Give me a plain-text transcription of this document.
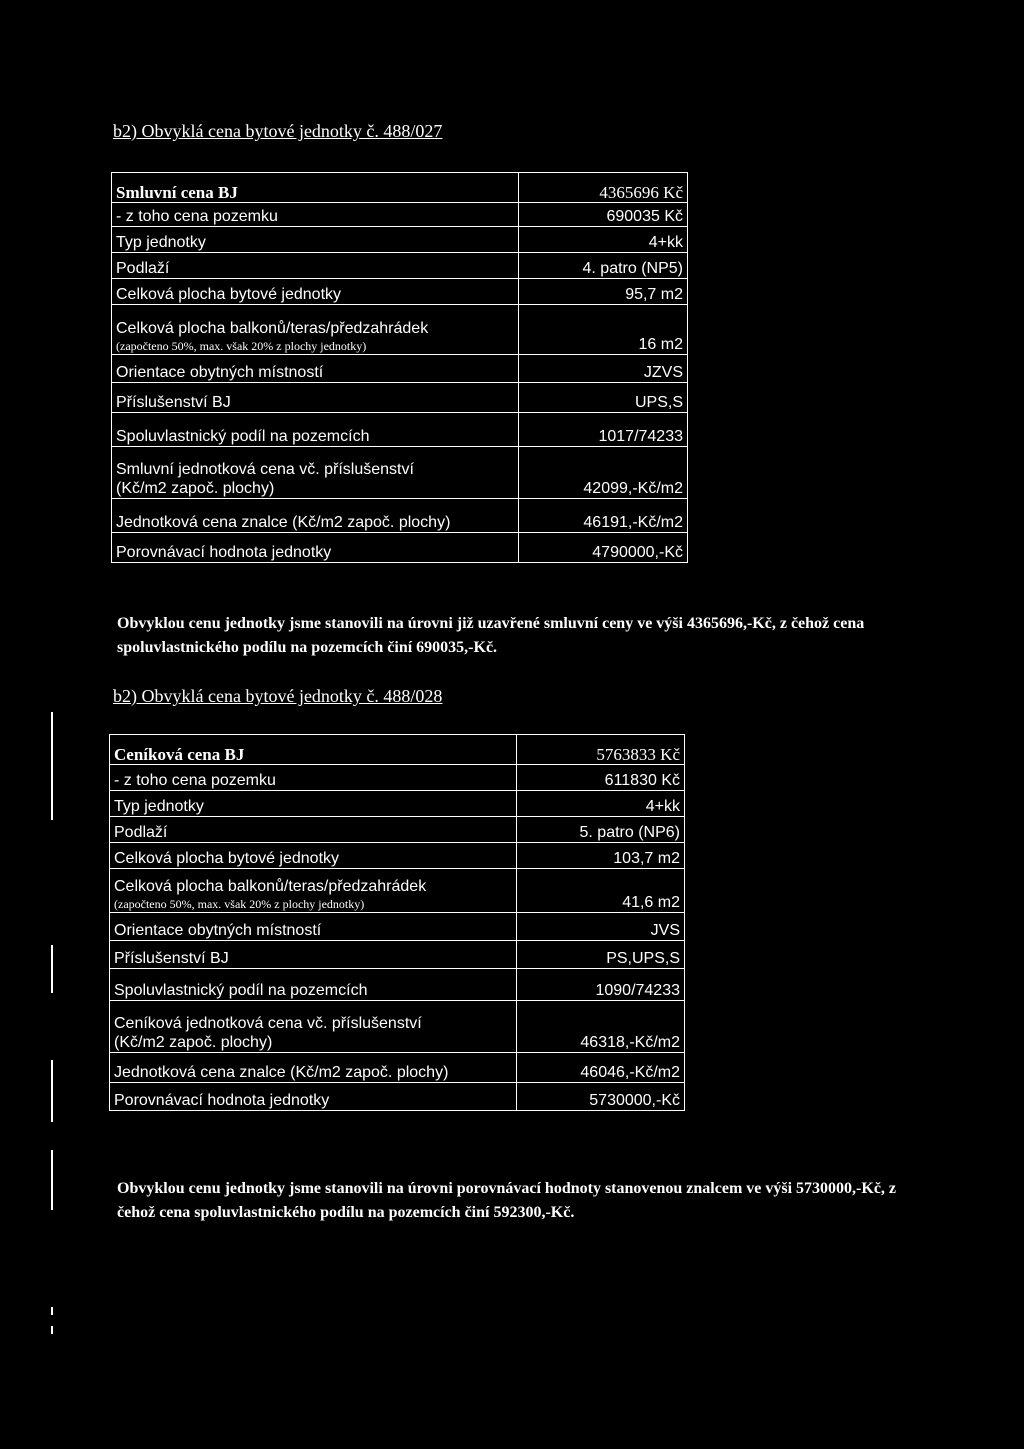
b2) Obvyklá cena bytové jednotky č. 488/027
Smluvní cena BJ	4365696 Kč
- z toho cena pozemku	690035 Kč
Typ jednotky	4+kk
Podlaží	4. patro (NP5)
Celková plocha bytové jednotky	95,7 m2
Celková plocha balkonů/teras/předzahrádek
(započteno 50%, max. však 20% z plochy jednotky)	16 m2
Orientace obytných místností	JZVS
Příslušenství BJ	UPS,S
Spoluvlastnický podíl na pozemcích	1017/74233

Smluvní jednotková cena vč. příslušenství
(Kč/m2 započ. plochy)	42099,-Kč/m2
Jednotková cena znalce (Kč/m2 započ. plochy)	46191,-Kč/m2
Porovnávací hodnota jednotky	4790000,-Kč
Obvyklou cenu jednotky jsme stanovili na úrovni již uzavřené smluvní ceny ve výši 4365696,-Kč, z čehož cena spoluvlastnického podílu na pozemcích činí 690035,-Kč.
b2) Obvyklá cena bytové jednotky č. 488/028
Ceníková cena BJ	5763833 Kč
- z toho cena pozemku	611830 Kč
Typ jednotky	4+kk
Podlaží	5. patro (NP6)
Celková plocha bytové jednotky	103,7 m2
Celková plocha balkonů/teras/předzahrádek
(započteno 50%, max. však 20% z plochy jednotky)	41,6 m2
Orientace obytných místností	JVS
Příslušenství BJ	PS,UPS,S
Spoluvlastnický podíl na pozemcích	1090/74233

Ceníková jednotková cena vč. příslušenství
(Kč/m2 započ. plochy)	46318,-Kč/m2
Jednotková cena znalce (Kč/m2 započ. plochy)	46046,-Kč/m2
Porovnávací hodnota jednotky	5730000,-Kč
Obvyklou cenu jednotky jsme stanovili na úrovni porovnávací hodnoty stanovenou znalcem ve výši 5730000,-Kč, z čehož cena spoluvlastnického podílu na pozemcích činí 592300,-Kč.
